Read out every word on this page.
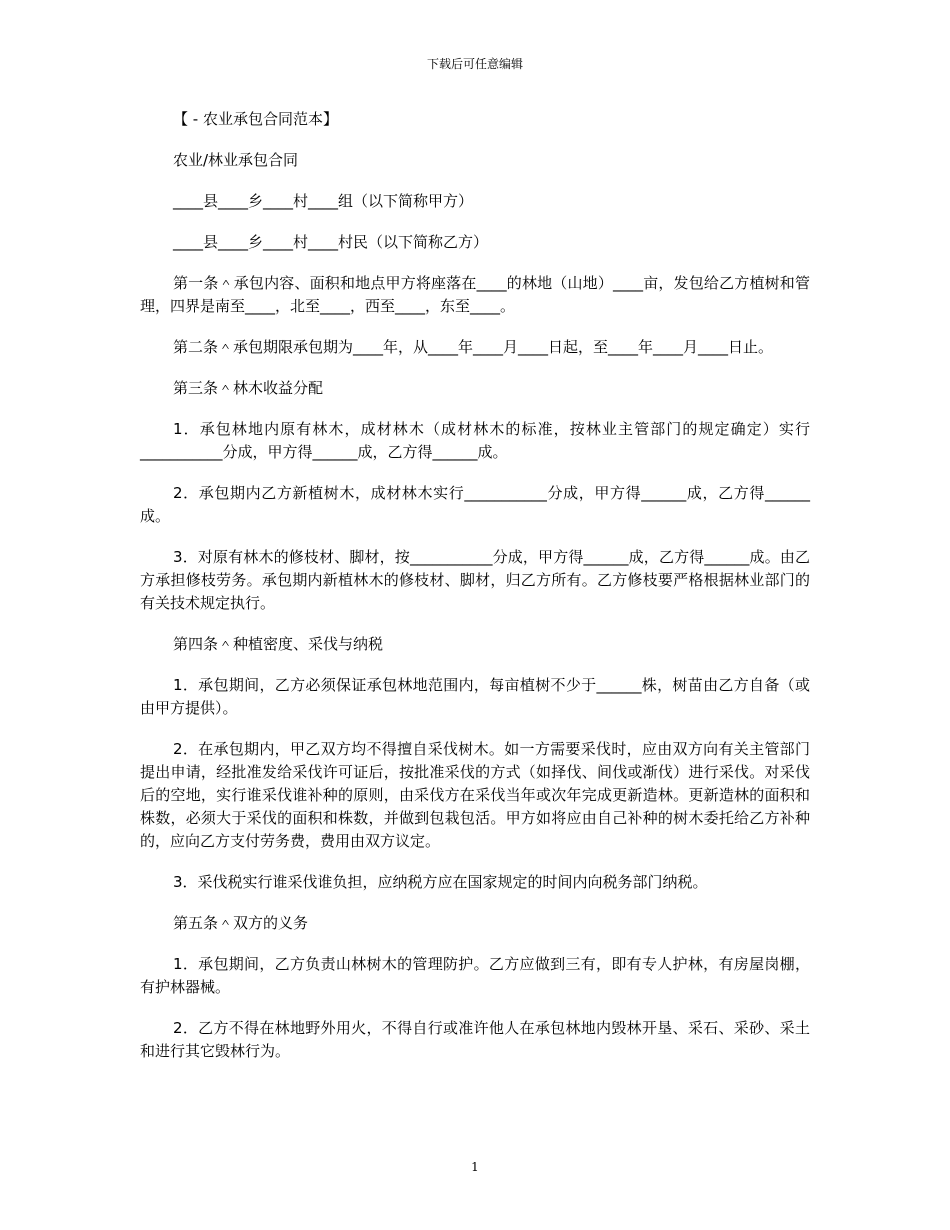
下载后可任意编辑

【 - 农业承包合同范本】

农业/林业承包合同

____县____乡____村____组（以下简称甲方）

____县____乡____村____村民（以下简称乙方）

第一条＾承包内容、面积和地点甲方将座落在____的林地（山地）____亩，发包给乙方植树和管理，四界是南至____，北至____，西至____，东至____。

第二条＾承包期限承包期为____年，从____年____月____日起，至____年____月____日止。

第三条＾林木收益分配

1．承包林地内原有林木，成材林木（成材林木的标准，按林业主管部门的规定确定）实行___________分成，甲方得______成，乙方得______成。

2．承包期内乙方新植树木，成材林木实行___________分成，甲方得______成，乙方得______成。

3．对原有林木的修枝材、脚材，按___________分成，甲方得______成，乙方得______成。由乙方承担修枝劳务。承包期内新植林木的修枝材、脚材，归乙方所有。乙方修枝要严格根据林业部门的有关技术规定执行。

第四条＾种植密度、采伐与纳税

1．承包期间，乙方必须保证承包林地范围内，每亩植树不少于______株，树苗由乙方自备（或由甲方提供）。

2．在承包期内，甲乙双方均不得擅自采伐树木。如一方需要采伐时，应由双方向有关主管部门提出申请，经批准发给采伐许可证后，按批准采伐的方式（如择伐、间伐或渐伐）进行采伐。对采伐后的空地，实行谁采伐谁补种的原则，由采伐方在采伐当年或次年完成更新造林。更新造林的面积和株数，必须大于采伐的面积和株数，并做到包栽包活。甲方如将应由自己补种的树木委托给乙方补种的，应向乙方支付劳务费，费用由双方议定。

3．采伐税实行谁采伐谁负担，应纳税方应在国家规定的时间内向税务部门纳税。

第五条＾双方的义务

1．承包期间，乙方负责山林树木的管理防护。乙方应做到三有，即有专人护林，有房屋岗棚，有护林器械。

2．乙方不得在林地野外用火，不得自行或准许他人在承包林地内毁林开垦、采石、采砂、采土和进行其它毁林行为。

1
